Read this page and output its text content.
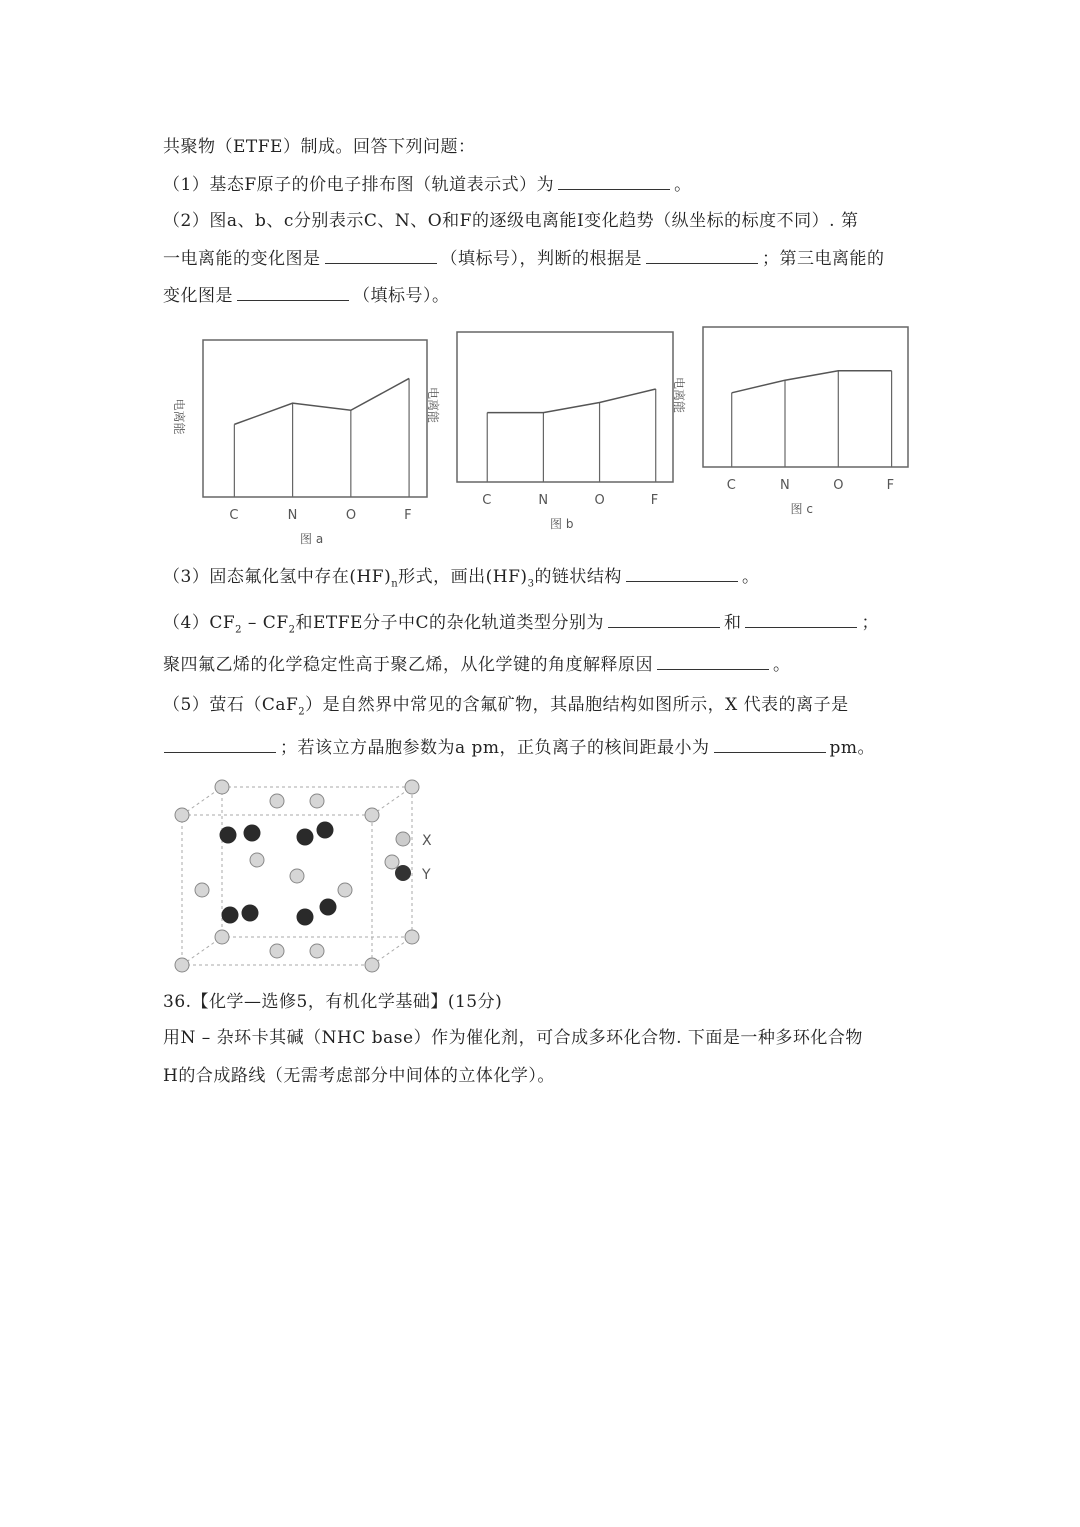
共聚物（ETFE）制成。回答下列问题：
（1）基态F原子的价电子排布图（轨道表示式）为	。
（2）图a、b、c分别表示C、N、O和F的逐级电离能Ⅰ变化趋势（纵坐标的标度不同）. 第
一电离能的变化图是	（填标号），判断的根据是	；第三电离能的
变化图是	（填标号）。
C	N	O	F
电离能
图 a
C	N	O	F
电离能
图 b
C	N	O	F
电离能
图 c
（3）固态氟化氢中存在$(HF)_n$形式，画出$(HF)_3$的链状结构	。
$(4)CF_2 - CF_2$和ETFE分子中C的杂化轨道类型分别为	和	；
聚四氟乙烯的化学稳定性高于聚乙烯，从化学键的角度解释原因	。
（5）萤石（CaF$_2$）是自然界中常见的含氟矿物，其晶胞结构如图所示，X 代表的离子是
；若该立方晶胞参数为a pm，正负离子的核间距最小为	pm。
X
Y
36.【化学—选修5，有机化学基础】(15分)
用N – 杂环卡其碱（NHC base）作为催化剂，可合成多环化合物. 下面是一种多环化合物
H的合成路线（无需考虑部分中间体的立体化学）。
